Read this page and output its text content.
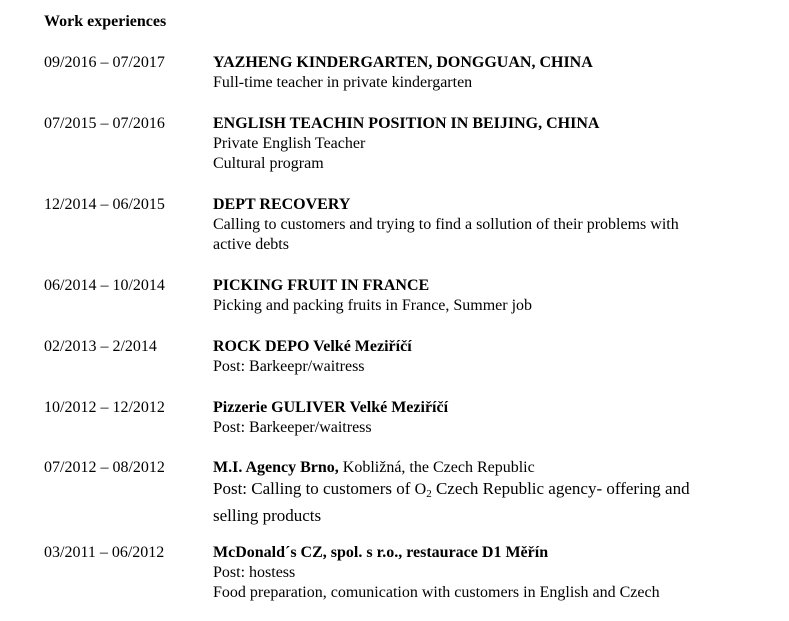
Work experiences
09/2016 – 07/2017	YAZHENG KINDERGARTEN, DONGGUAN, CHINA
Full-time teacher in private kindergarten
07/2015 – 07/2016	ENGLISH TEACHIN POSITION IN BEIJING, CHINA
Private English Teacher
Cultural program
12/2014 – 06/2015	DEPT RECOVERY
Calling to customers and trying to find a sollution of their problems with
active debts
06/2014 – 10/2014	PICKING FRUIT IN FRANCE
Picking and packing fruits in France, Summer job
02/2013 – 2/2014	ROCK DEPO Velké Meziříčí
Post: Barkeepr/waitress
10/2012 – 12/2012	Pizzerie GULIVER Velké Meziříčí
Post: Barkeeper/waitress
07/2012 – 08/2012	M.I. Agency Brno, Kobližná, the Czech Republic
Post: Calling to customers of $O_2$ Czech Republic agency- offering and
selling products
03/2011 – 06/2012	McDonald´s CZ, spol. s r.o., restaurace D1 Měřín
Post: hostess
Food preparation, comunication with customers in English and Czech
